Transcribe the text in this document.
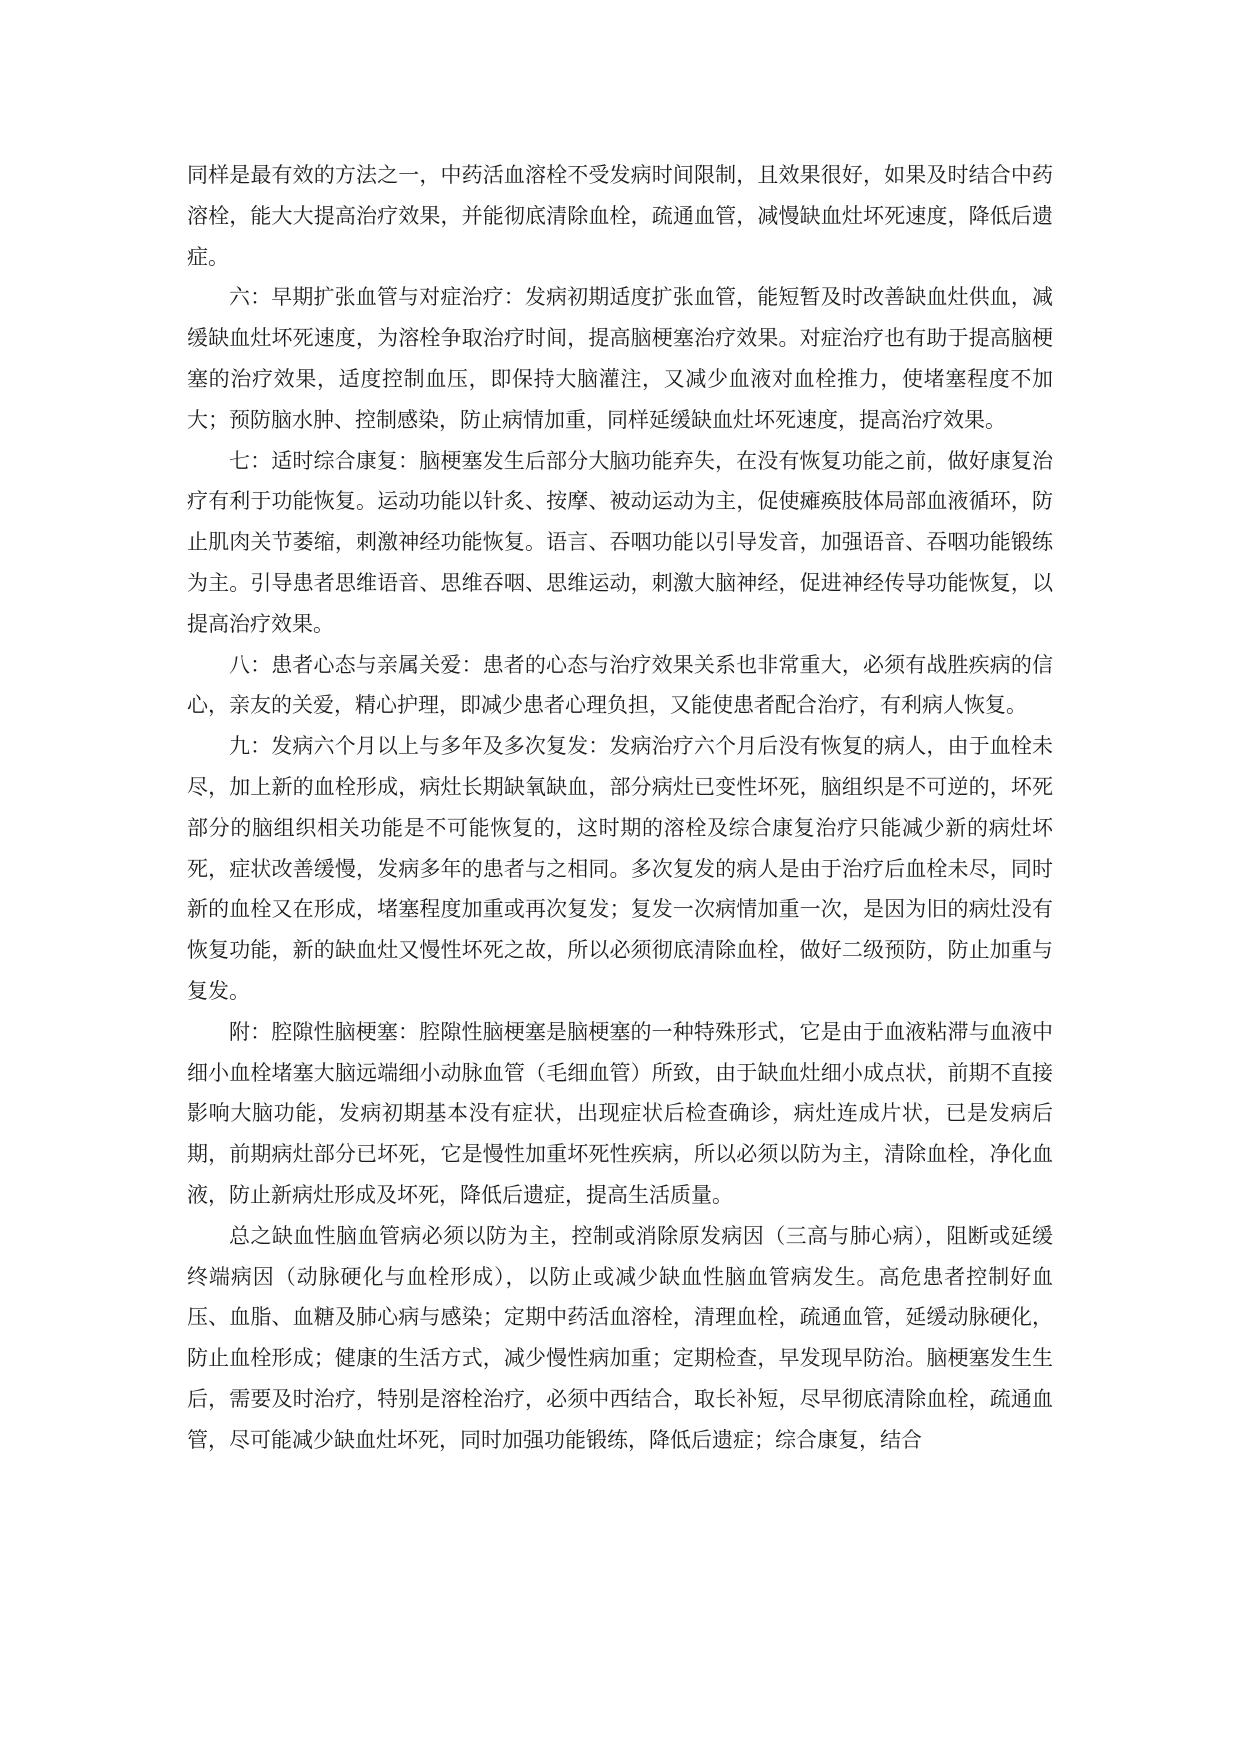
同样是最有效的方法之一，中药活血溶栓不受发病时间限制，且效果很好，如果及时结合中药溶栓，能大大提高治疗效果，并能彻底清除血栓，疏通血管，减慢缺血灶坏死速度，降低后遗症。

六：早期扩张血管与对症治疗：发病初期适度扩张血管，能短暂及时改善缺血灶供血，减缓缺血灶坏死速度，为溶栓争取治疗时间，提高脑梗塞治疗效果。对症治疗也有助于提高脑梗塞的治疗效果，适度控制血压，即保持大脑灌注，又减少血液对血栓推力，使堵塞程度不加大；预防脑水肿、控制感染，防止病情加重，同样延缓缺血灶坏死速度，提高治疗效果。

七：适时综合康复：脑梗塞发生后部分大脑功能弃失，在没有恢复功能之前，做好康复治疗有利于功能恢复。运动功能以针炙、按摩、被动运动为主，促使瘫痪肢体局部血液循环，防止肌肉关节萎缩，刺激神经功能恢复。语言、吞咽功能以引导发音，加强语音、吞咽功能锻练为主。引导患者思维语音、思维吞咽、思维运动，刺激大脑神经，促进神经传导功能恢复，以提高治疗效果。

八：患者心态与亲属关爱：患者的心态与治疗效果关系也非常重大，必须有战胜疾病的信心，亲友的关爱，精心护理，即减少患者心理负担，又能使患者配合治疗，有利病人恢复。

九：发病六个月以上与多年及多次复发：发病治疗六个月后没有恢复的病人，由于血栓未尽，加上新的血栓形成，病灶长期缺氧缺血，部分病灶已变性坏死，脑组织是不可逆的，坏死部分的脑组织相关功能是不可能恢复的，这时期的溶栓及综合康复治疗只能减少新的病灶坏死，症状改善缓慢，发病多年的患者与之相同。多次复发的病人是由于治疗后血栓未尽，同时新的血栓又在形成，堵塞程度加重或再次复发；复发一次病情加重一次，是因为旧的病灶没有恢复功能，新的缺血灶又慢性坏死之故，所以必须彻底清除血栓，做好二级预防，防止加重与复发。

附：腔隙性脑梗塞：腔隙性脑梗塞是脑梗塞的一种特殊形式，它是由于血液粘滞与血液中细小血栓堵塞大脑远端细小动脉血管（毛细血管）所致，由于缺血灶细小成点状，前期不直接影响大脑功能，发病初期基本没有症状，出现症状后检查确诊，病灶连成片状，已是发病后期，前期病灶部分已坏死，它是慢性加重坏死性疾病，所以必须以防为主，清除血栓，净化血液，防止新病灶形成及坏死，降低后遗症，提高生活质量。

总之缺血性脑血管病必须以防为主，控制或消除原发病因（三高与肺心病），阻断或延缓终端病因（动脉硬化与血栓形成），以防止或减少缺血性脑血管病发生。高危患者控制好血压、血脂、血糖及肺心病与感染；定期中药活血溶栓，清理血栓，疏通血管，延缓动脉硬化，防止血栓形成；健康的生活方式，减少慢性病加重；定期检查，早发现早防治。脑梗塞发生生后，需要及时治疗，特别是溶栓治疗，必须中西结合，取长补短，尽早彻底清除血栓，疏通血管，尽可能减少缺血灶坏死，同时加强功能锻练，降低后遗症；综合康复，结合
